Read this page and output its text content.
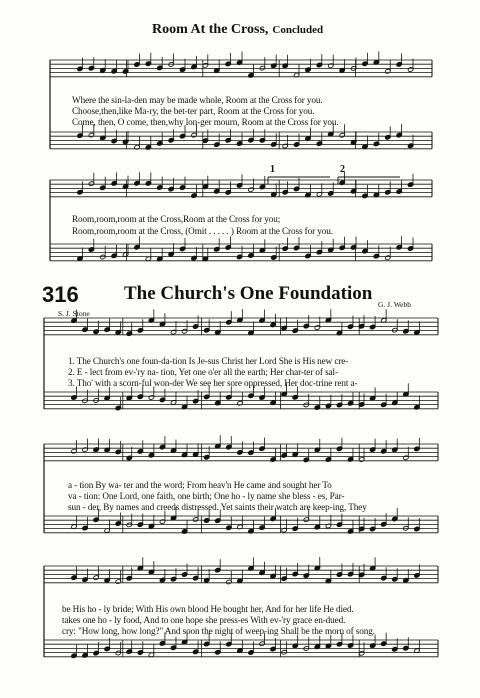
Room At the Cross, Concluded
Where the sin-la-den may be made whole, Room at the Cross for you.
Choose,then,like Ma-ry, the bet-ter part, Room at the Cross for you.
Come, then, O come, then,why lon-ger mourn, Room at the Cross for you.
1	2
Room,room,room at the Cross,Room at the Cross for you;
Room,room,room at the Cross, (Omit . . . . . ) Room at the Cross for you.
316 The Church's One Foundation
S. J. Stone
G. J. Webb
1. The Church's one foun-da-tion Is Je-sus Christ her Lord She is His new cre-
2. E - lect from ev-'ry na- tion, Yet one o'er all the earth; Her char-ter of sal-
3. Tho' with a scorn-ful won-der We see her sore oppressed, Her doc-trine rent a-
a - tion By wa- ter and the word; From heav'n He came and sought her To
va - tion: One Lord, one faith, one birth; One ho - ly name she bless - es, Par-
sun - der, By names and creeds distressed. Yet saints their watch are keep-ing, They
be His ho - ly bride; With His own blood He bought her, And for her life He died.
takes one ho - ly food, And to one hope she press-es With ev-'ry grace en-dued.
cry: "How long, how long?" And soon the night of weep-ing Shall be the morn of song.
